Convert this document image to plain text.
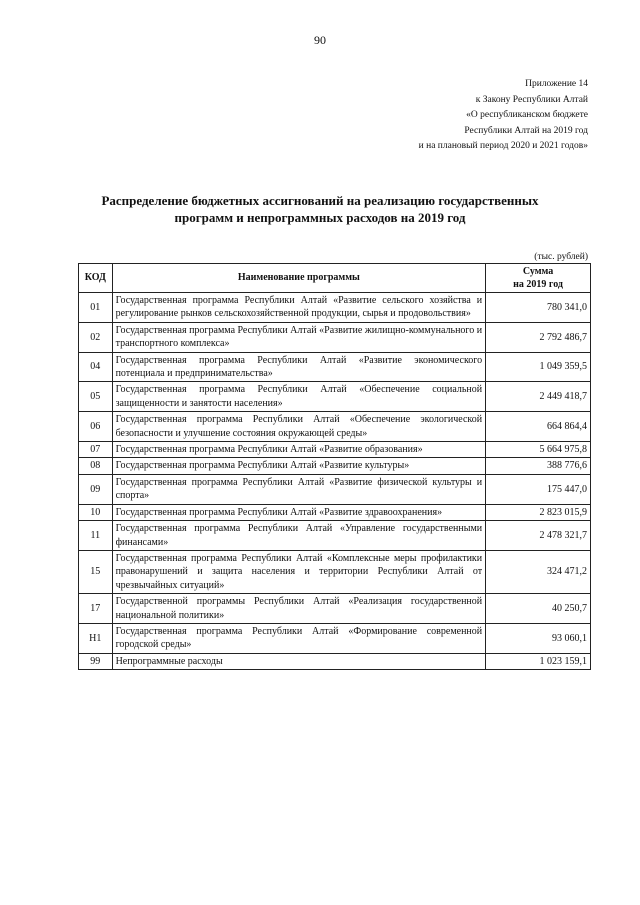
90
Приложение 14
к Закону Республики Алтай
«О республиканском бюджете
Республики Алтай на 2019 год
и на плановый период 2020 и 2021 годов»
Распределение бюджетных ассигнований на реализацию государственных
программ и непрограммных расходов на 2019 год
(тыс. рублей)
КОД	Наименование программы	Сумма
на 2019 год

01	Государственная программа Республики Алтай «Развитие сельского хозяйства и регулирование рынков сельскохозяйственной продукции, сырья и продовольствия»	780 341,0
02	Государственная программа Республики Алтай «Развитие жилищно-коммунального и транспортного комплекса»	2 792 486,7
04	Государственная программа Республики Алтай «Развитие экономического потенциала и предпринимательства»	1 049 359,5
05	Государственная программа Республики Алтай «Обеспечение социальной защищенности и занятости населения»	2 449 418,7
06	Государственная программа Республики Алтай «Обеспечение экологической безопасности и улучшение состояния окружающей среды»	664 864,4
07	Государственная программа Республики Алтай «Развитие образования»	5 664 975,8
08	Государственная программа Республики Алтай «Развитие культуры»	388 776,6
09	Государственная программа Республики Алтай «Развитие физической культуры и спорта»	175 447,0
10	Государственная программа Республики Алтай «Развитие здравоохранения»	2 823 015,9
11	Государственная программа Республики Алтай «Управление государственными финансами»	2 478 321,7
15	Государственная программа Республики Алтай «Комплексные меры профилактики правонарушений и защита населения и территории Республики Алтай от чрезвычайных ситуаций»	324 471,2
17	Государственной программы Республики Алтай «Реализация государственной национальной политики»	40 250,7
Н1	Государственная программа Республики Алтай «Формирование современной городской среды»	93 060,1
99	Непрограммные расходы	1 023 159,1
